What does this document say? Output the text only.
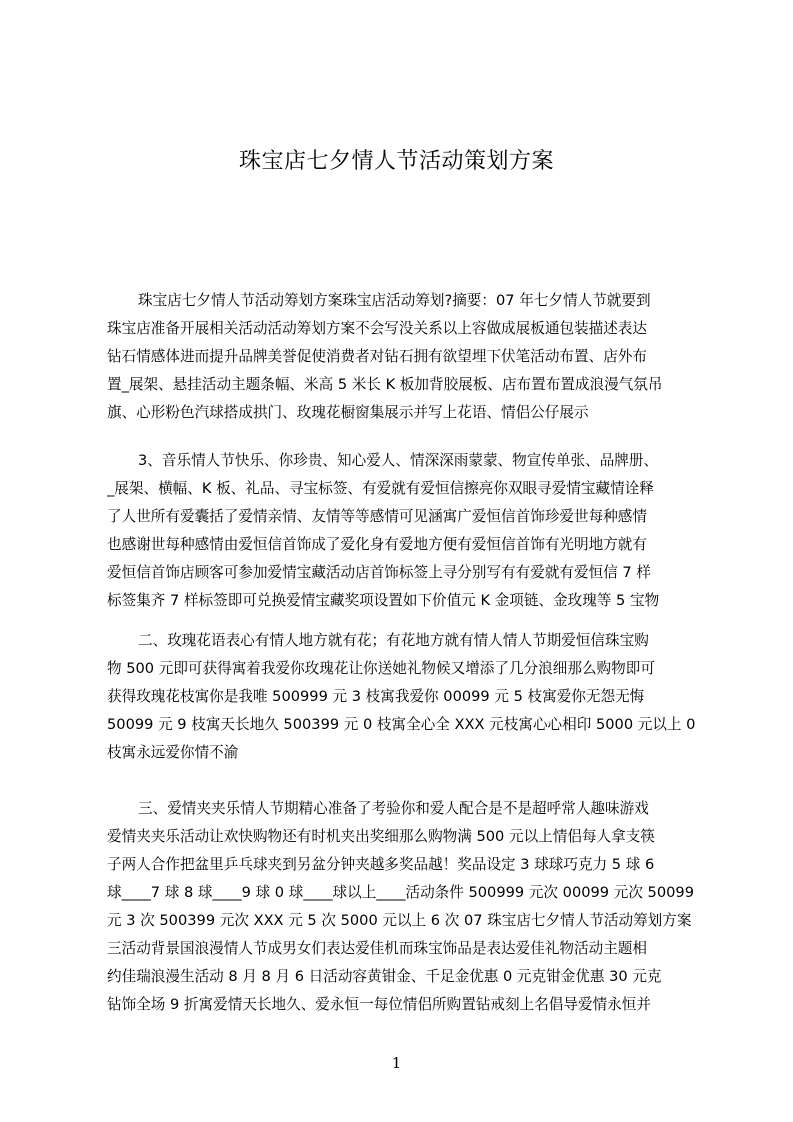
珠宝店七夕情人节活动策划方案
珠宝店七夕情人节活动筹划方案珠宝店活动筹划?摘要：07 年七夕情人节就要到
珠宝店准备开展相关活动活动筹划方案不会写没关系以上容做成展板通包装描述表达
钻石情感体进而提升品牌美誉促使消费者对钻石拥有欲望埋下伏笔活动布置、店外布
置_展架、悬挂活动主题条幅、米高 5 米长 K 板加背胶展板、店布置布置成浪漫气氛吊
旗、心形粉色汽球搭成拱门、玫瑰花橱窗集展示并写上花语、情侣公仔展示
3、音乐情人节快乐、你珍贵、知心爱人、情深深雨蒙蒙、物宣传单张、品牌册、
_展架、横幅、K 板、礼品、寻宝标签、有爱就有爱恒信擦亮你双眼寻爱情宝藏情诠释
了人世所有爱囊括了爱情亲情、友情等等感情可见涵寓广爱恒信首饰珍爱世每种感情
也感谢世每种感情由爱恒信首饰成了爱化身有爱地方便有爱恒信首饰有光明地方就有
爱恒信首饰店顾客可参加爱情宝藏活动店首饰标签上寻分别写有有爱就有爱恒信 7 样
标签集齐 7 样标签即可兑换爱情宝藏奖项设置如下价值元 K 金项链、金玫瑰等 5 宝物
二、玫瑰花语表心有情人地方就有花；有花地方就有情人情人节期爱恒信珠宝购
物 500 元即可获得寓着我爱你玫瑰花让你送她礼物候又增添了几分浪细那么购物即可
获得玫瑰花枝寓你是我唯 500999 元 3 枝寓我爱你 00099 元 5 枝寓爱你无怨无悔
50099 元 9 枝寓天长地久 500399 元 0 枝寓全心全 XXX 元枝寓心心相印 5000 元以上 0
枝寓永远爱你情不渝
三、爱情夹夹乐情人节期精心准备了考验你和爱人配合是不是超呼常人趣味游戏
爱情夹夹乐活动让欢快购物还有时机夹出奖细那么购物满 500 元以上情侣每人拿支筷
子两人合作把盆里乒乓球夹到另盆分钟夹越多奖品越！奖品设定 3 球球巧克力 5 球 6
球____7 球 8 球____9 球 0 球____球以上____活动条件 500999 元次 00099 元次 50099
元 3 次 500399 元次 XXX 元 5 次 5000 元以上 6 次 07 珠宝店七夕情人节活动筹划方案
三活动背景国浪漫情人节成男女们表达爱佳机而珠宝饰品是表达爱佳礼物活动主题相
约佳瑞浪漫生活动 8 月 8 月 6 日活动容黄钳金、千足金优惠 0 元克钳金优惠 30 元克
钻饰全场 9 折寓爱情天长地久、爱永恒一每位情侣所购置钻戒刻上名倡导爱情永恒并
1
